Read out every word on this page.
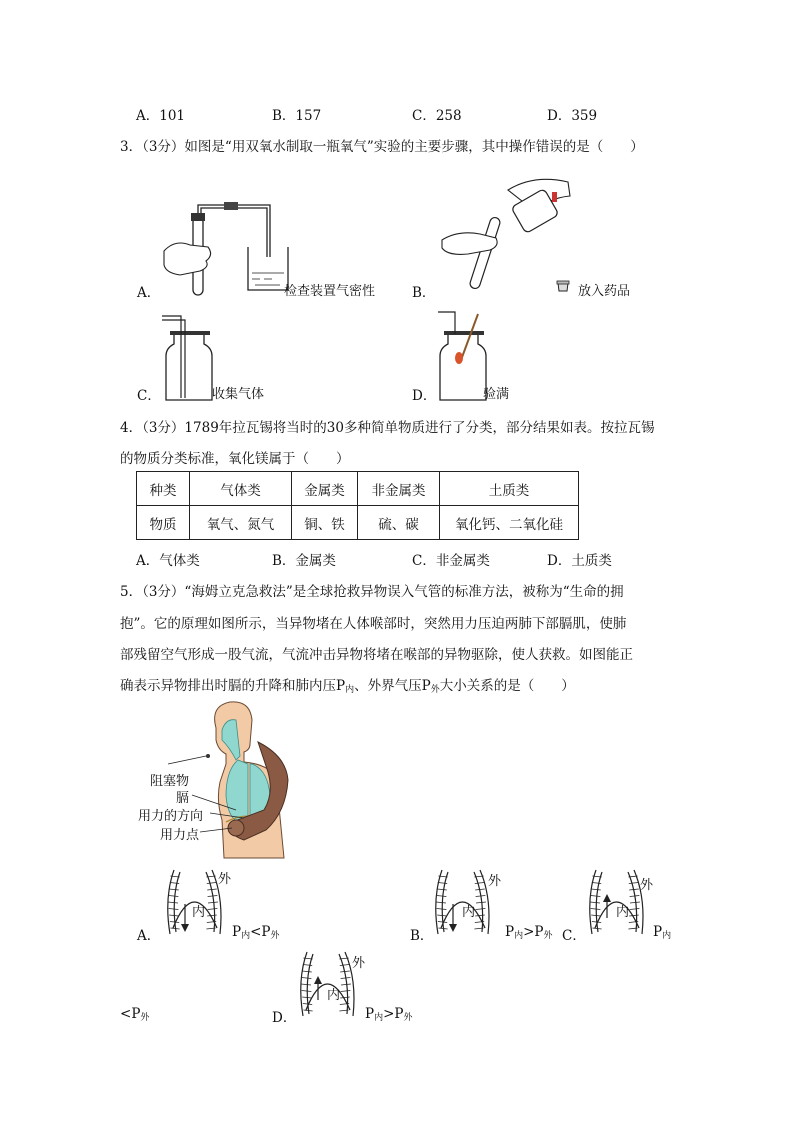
A．101	B．157	C．258	D．359
3．（3分）如图是“用双氧水制取一瓶氧气”实验的主要步骤，其中操作错误的是（　　）
A．	检查装置气密性	B．	放入药品
C．	收集气体	D．	验满
4．（3分）1789年拉瓦锡将当时的30多种简单物质进行了分类，部分结果如表。按拉瓦锡
的物质分类标准，氧化镁属于（　　）
种类	气体类	金属类	非金属类	土质类
物质	氧气、氮气	铜、铁	硫、碳	氧化钙、二氧化硅
A．气体类	B．金属类	C．非金属类	D．土质类
5．（3分）“海姆立克急救法”是全球抢救异物误入气管的标准方法，被称为“生命的拥
抱”。它的原理如图所示，当异物堵在人体喉部时，突然用力压迫两肺下部膈肌，使肺
部残留空气形成一股气流，气流冲击异物将堵在喉部的异物驱除，使人获救。如图能正
确表示异物排出时膈的升降和肺内压$P_内$、外界气压$P_外$大小关系的是（　　）
阻塞物
膈
用力的方向
用力点
外
内
外
内
外
内
外
内
A．	$P_内<P_外$	B．	$P_内>P_外$ C．	$P_内$
$<P_外$	D．	$P_内>P_外$
